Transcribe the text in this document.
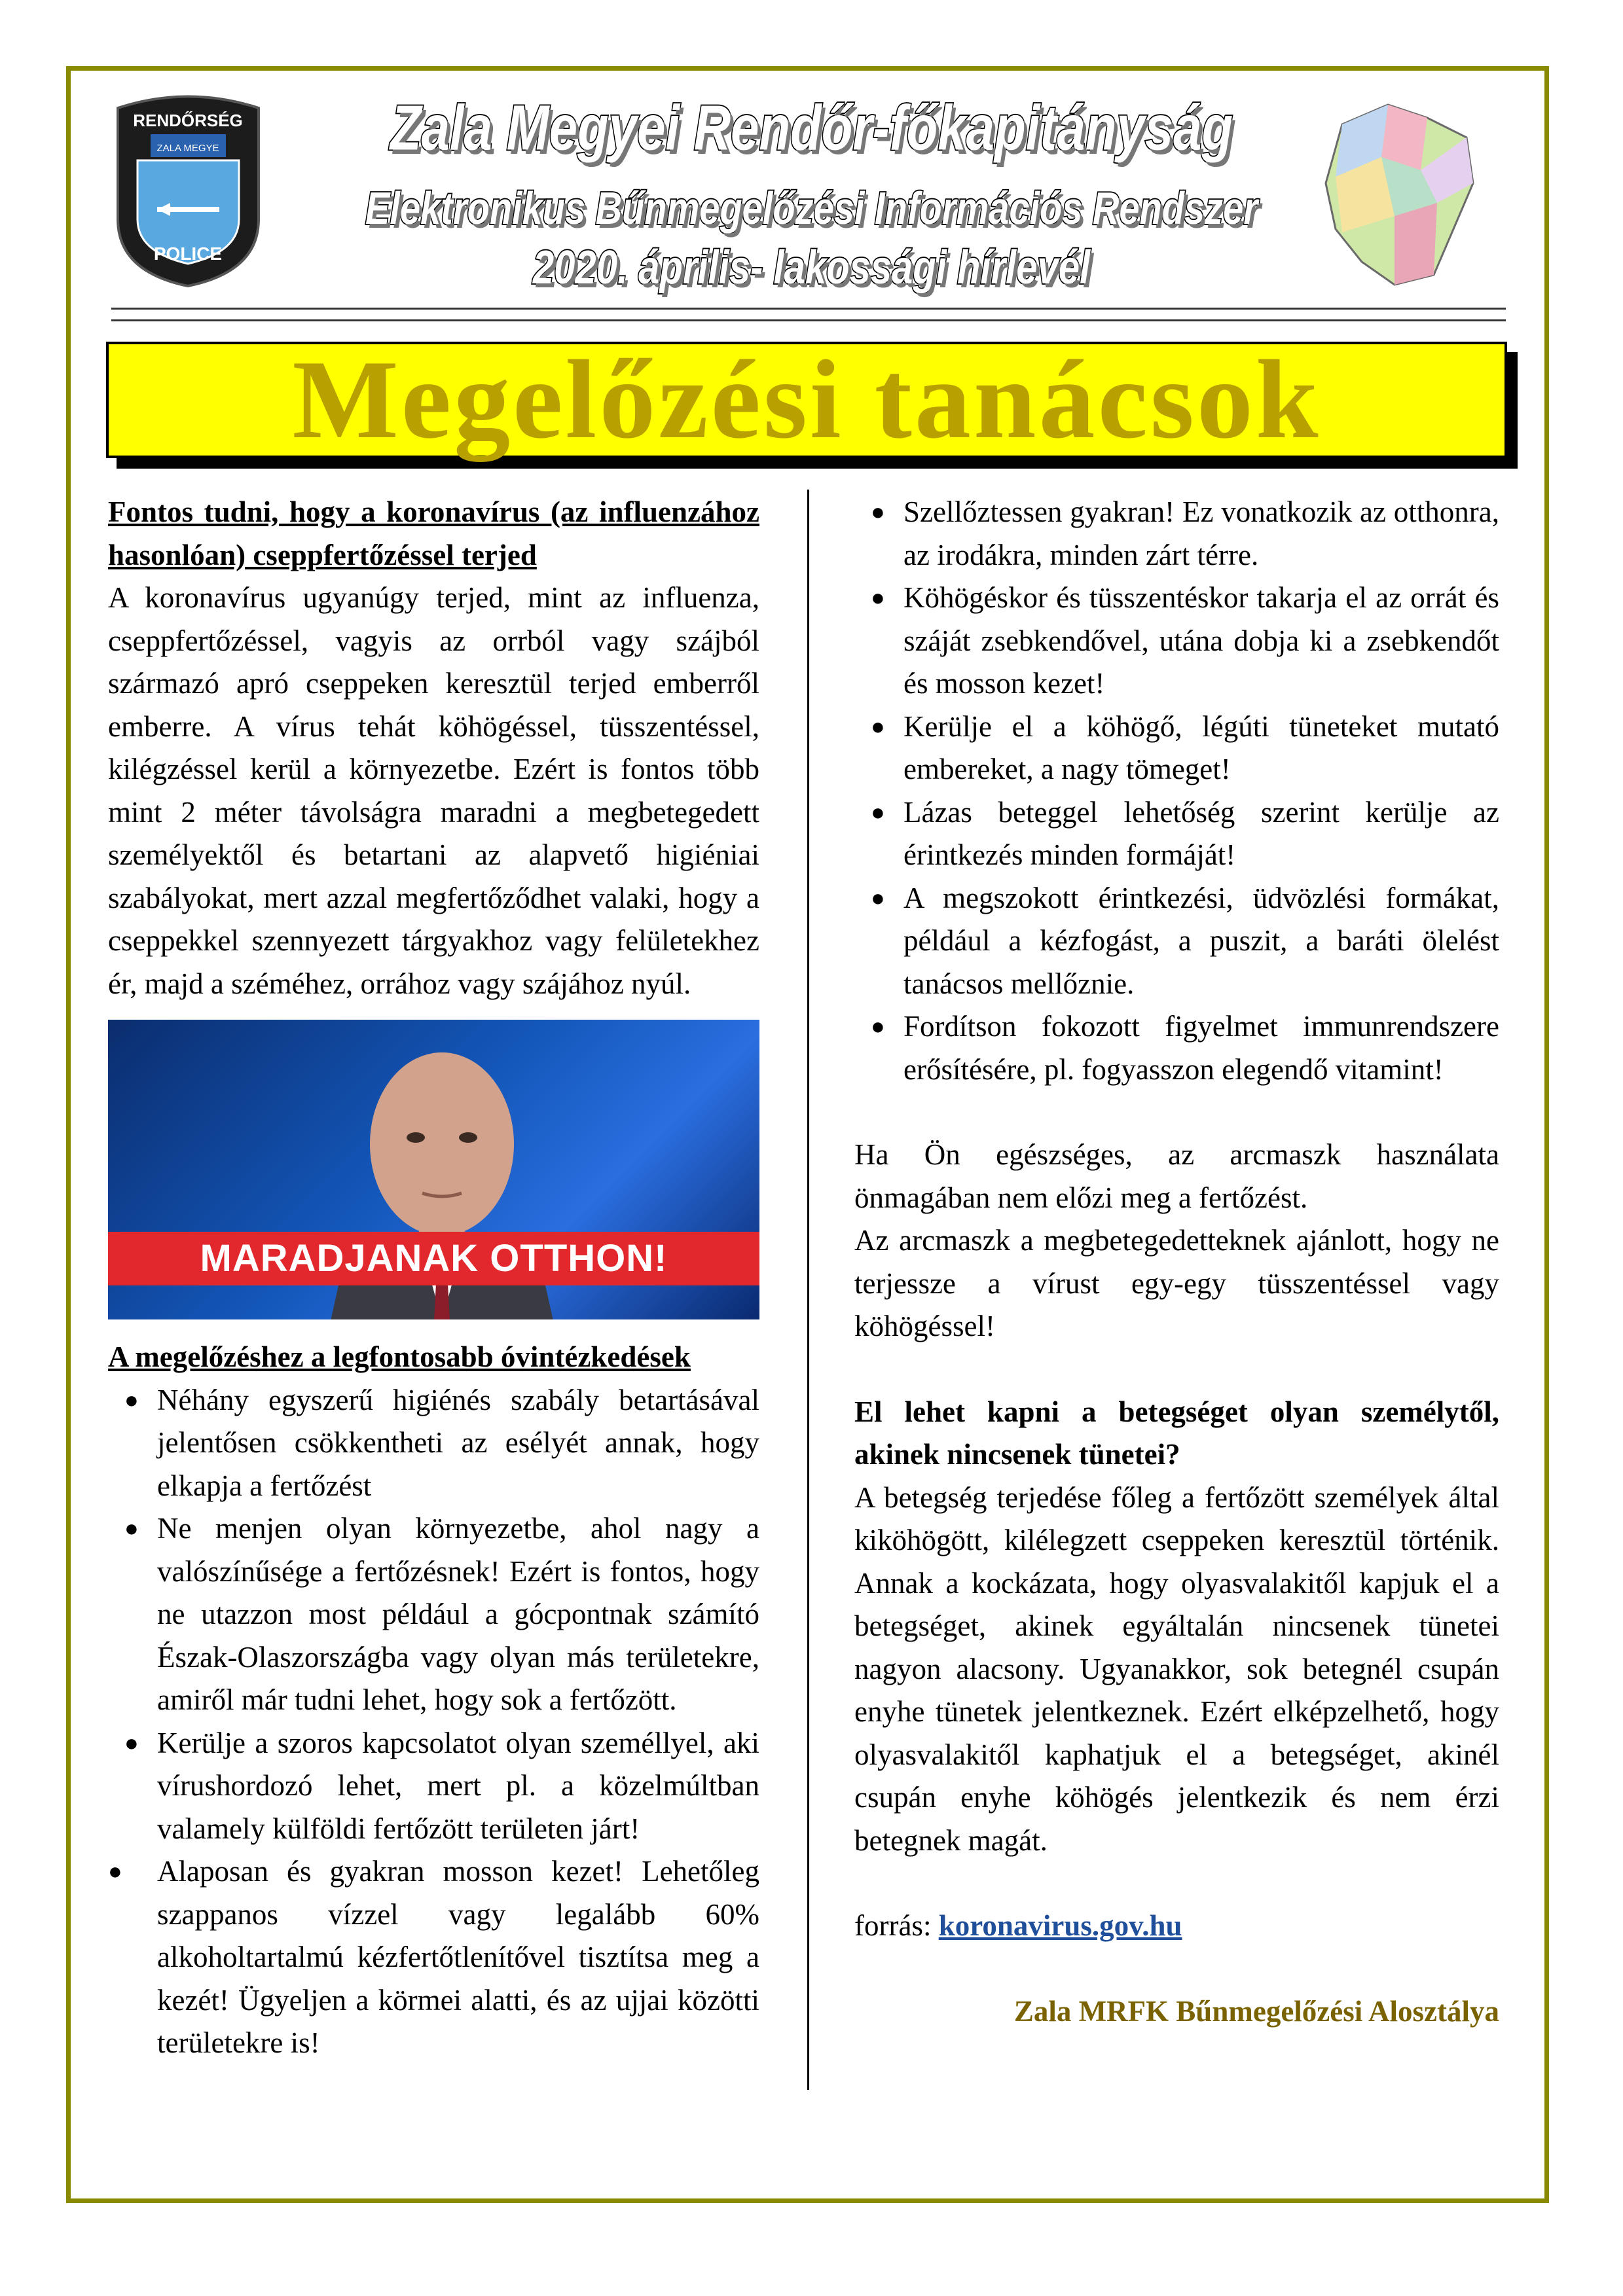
RENDŐRSÉG
ZALA MEGYE
POLICE
Zala Megyei Rendőr-főkapitányság
Elektronikus Bűnmegelőzési Információs Rendszer
2020. április- lakossági hírlevél
Megelőzési tanácsok

Fontos tudni, hogy a koronavírus (az influenzához hasonlóan) cseppfertőzéssel terjed

A koronavírus ugyanúgy terjed, mint az influenza, cseppfertőzéssel, vagyis az orrból vagy szájból származó apró cseppeken keresztül terjed emberről emberre. A vírus tehát köhögéssel, tüsszentéssel, kilégzéssel kerül a környezetbe. Ezért is fontos több mint 2 méter távolságra maradni a megbetegedett személyektől és betartani az alapvető higiéniai szabályokat, mert azzal megfertőződhet valaki, hogy a cseppekkel szennyezett tárgyakhoz vagy felületekhez ér, majd a széméhez, orrához vagy szájához nyúl.

MARADJANAK OTTHON!

A megelőzéshez a legfontosabb óvintézkedések

● Néhány egyszerű higiénés szabály betartásával jelentősen csökkentheti az esélyét annak, hogy elkapja a fertőzést
● Ne menjen olyan környezetbe, ahol nagy a valószínűsége a fertőzésnek! Ezért is fontos, hogy ne utazzon most például a gócpontnak számító Észak-Olaszországba vagy olyan más területekre, amiről már tudni lehet, hogy sok a fertőzött.
● Kerülje a szoros kapcsolatot olyan személlyel, aki vírushordozó lehet, mert pl. a közelmúltban valamely külföldi fertőzött területen járt!
● Alaposan és gyakran mosson kezet! Lehetőleg szappanos vízzel vagy legalább 60% alkoholtartalmú kézfertőtlenítővel tisztítsa meg a kezét! Ügyeljen a körmei alatti, és az ujjai közötti területekre is!
● Szellőztessen gyakran! Ez vonatkozik az otthonra, az irodákra, minden zárt térre.
● Köhögéskor és tüsszentéskor takarja el az orrát és száját zsebkendővel, utána dobja ki a zsebkendőt és mosson kezet!
● Kerülje el a köhögő, légúti tüneteket mutató embereket, a nagy tömeget!
● Lázas beteggel lehetőség szerint kerülje az érintkezés minden formáját!
● A megszokott érintkezési, üdvözlési formákat, például a kézfogást, a puszit, a baráti ölelést tanácsos mellőznie.
● Fordítson fokozott figyelmet immunrendszere erősítésére, pl. fogyasszon elegendő vitamint!

Ha Ön egészséges, az arcmaszk használata önmagában nem előzi meg a fertőzést.

Az arcmaszk a megbetegedetteknek ajánlott, hogy ne terjessze a vírust egy-egy tüsszentéssel vagy köhögéssel!

El lehet kapni a betegséget olyan személytől, akinek nincsenek tünetei?

A betegség terjedése főleg a fertőzött személyek által kiköhögött, kilélegzett cseppeken keresztül történik. Annak a kockázata, hogy olyasvalakitől kapjuk el a betegséget, akinek egyáltalán nincsenek tünetei nagyon alacsony. Ugyanakkor, sok betegnél csupán enyhe tünetek jelentkeznek. Ezért elképzelhető, hogy olyasvalakitől kaphatjuk el a betegséget, akinél csupán enyhe köhögés jelentkezik és nem érzi betegnek magát.

forrás: koronavirus.gov.hu

Zala MRFK Bűnmegelőzési Alosztálya
